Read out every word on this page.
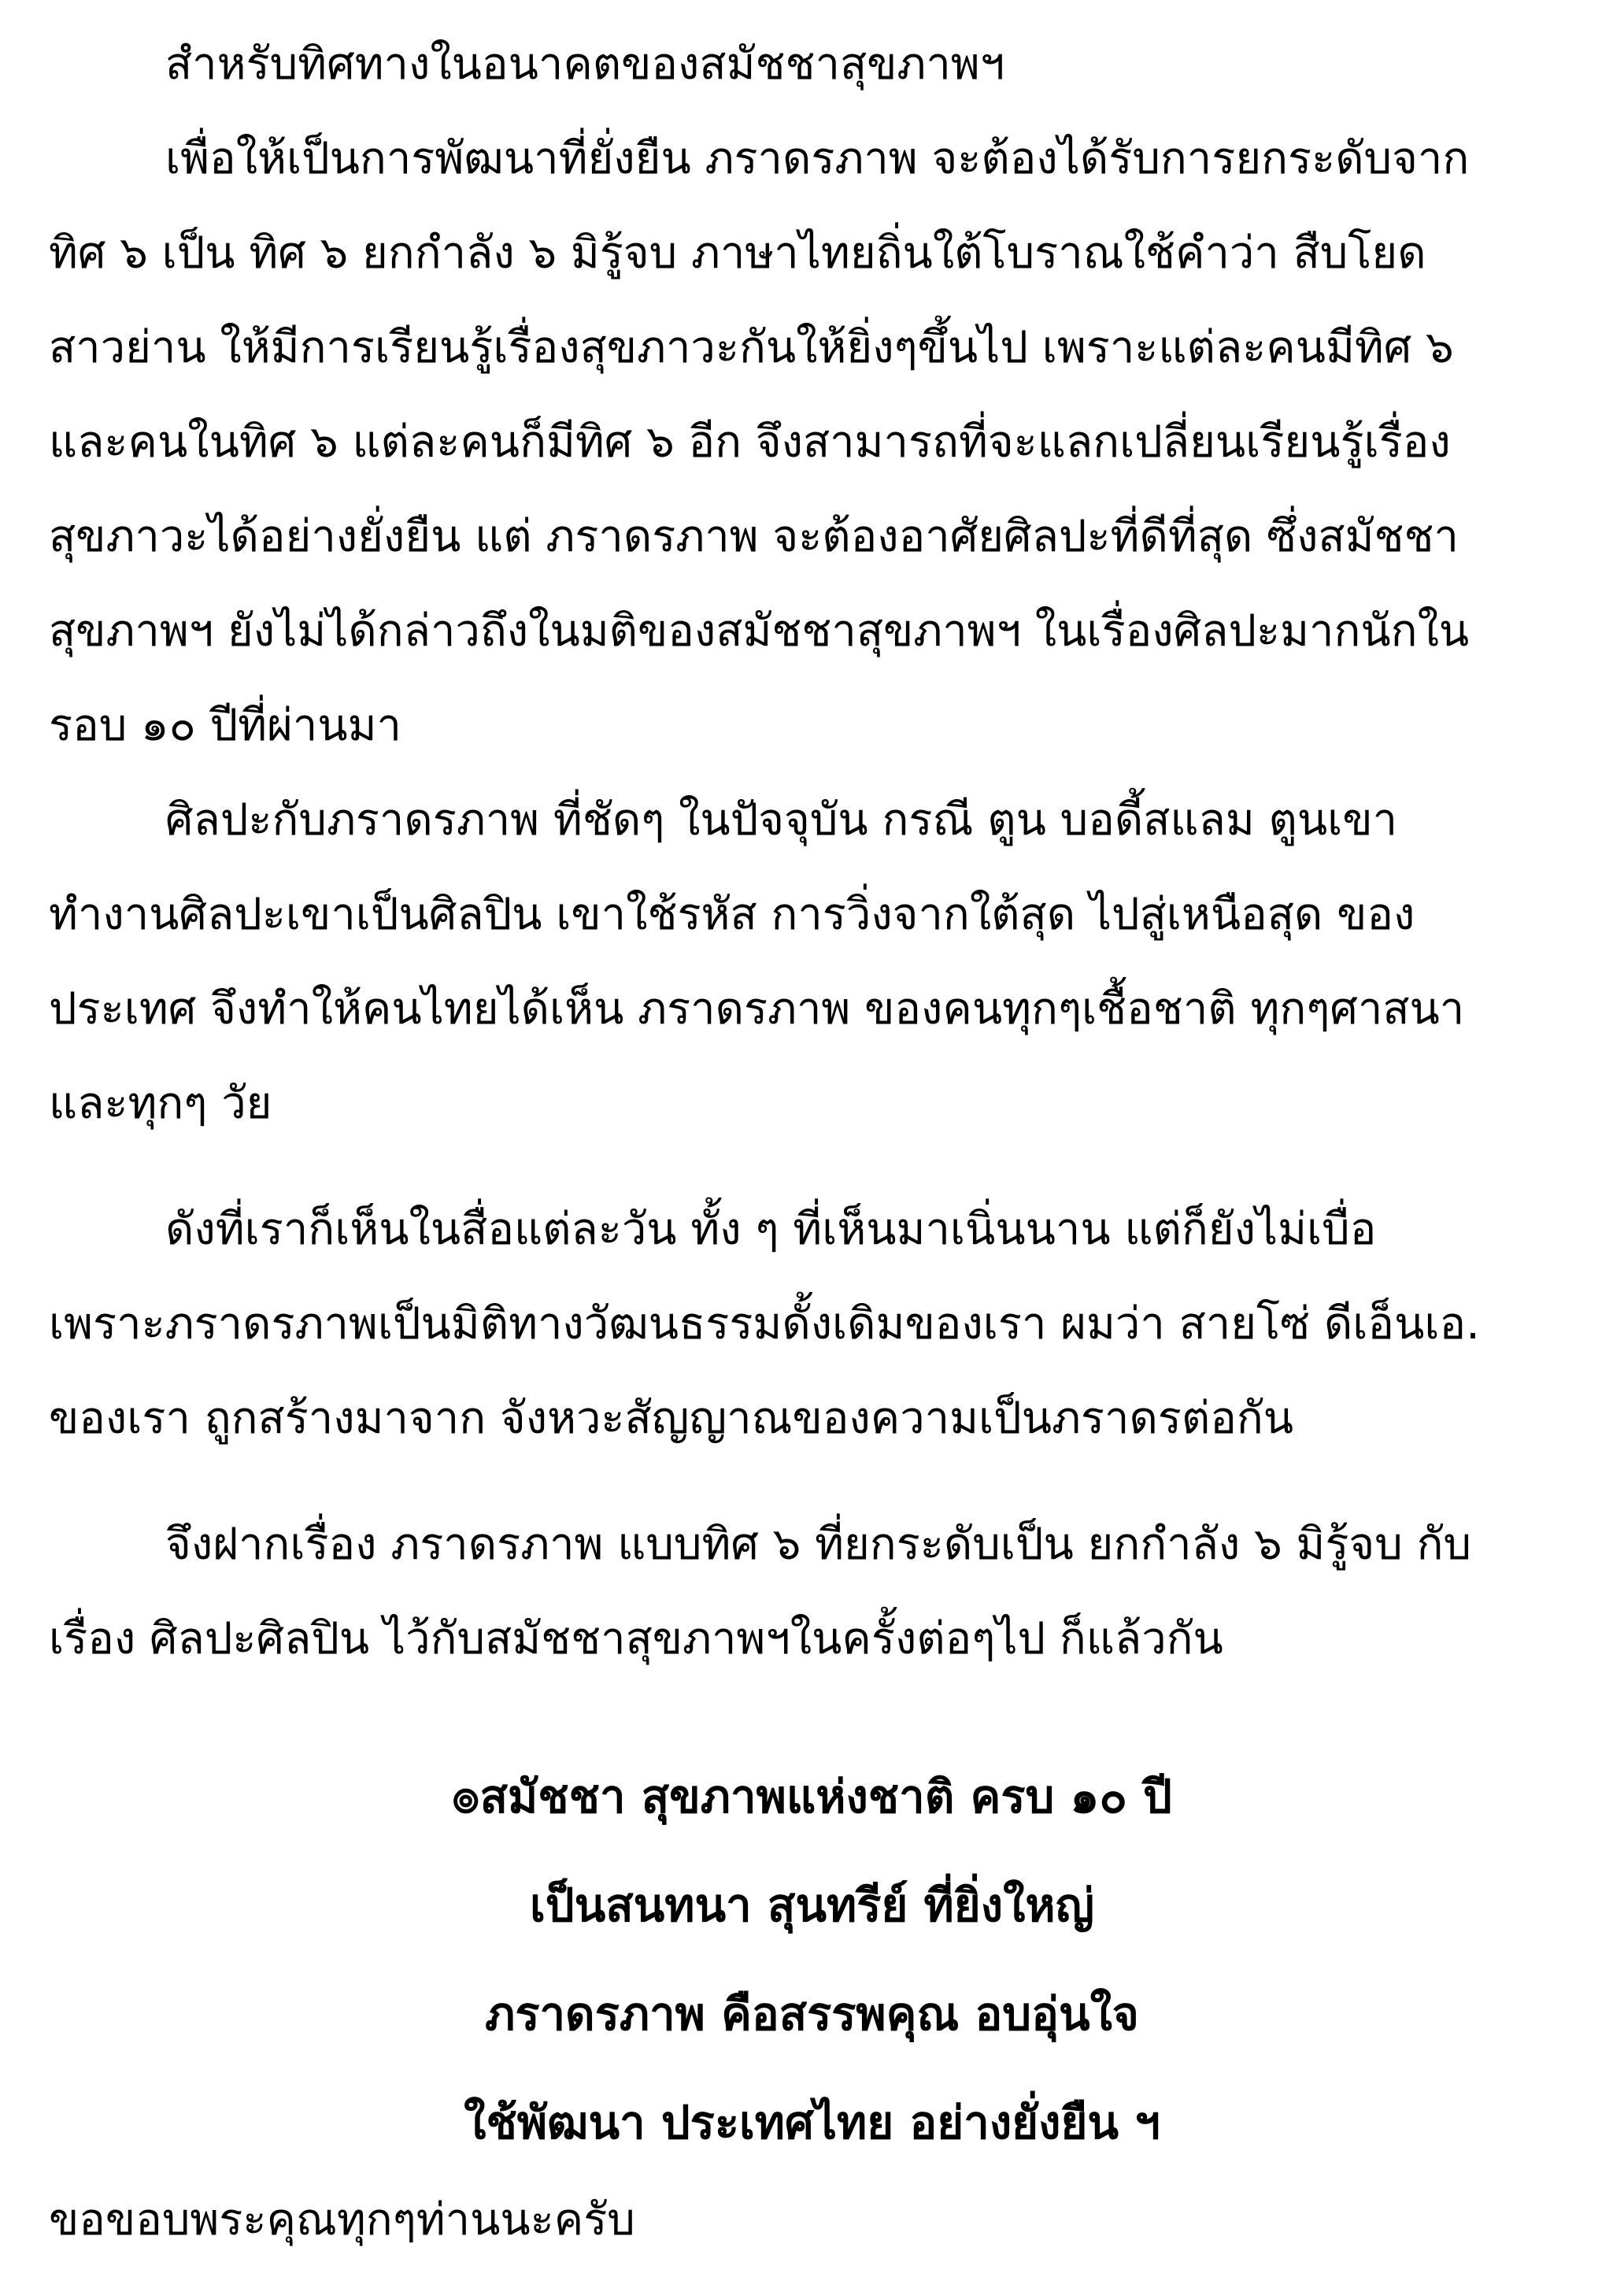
สำหรับทิศทางในอนาคตของสมัชชาสุขภาพฯ
เพื่อให้เป็นการพัฒนาที่ยั่งยืน ภราดรภาพ จะต้องได้รับการยกระดับจาก
ทิศ ๖ เป็น ทิศ ๖ ยกกำลัง ๖ มิรู้จบ ภาษาไทยถิ่นใต้โบราณใช้คำว่า สืบโยด
สาวย่าน ให้มีการเรียนรู้เรื่องสุขภาวะกันให้ยิ่งๆขึ้นไป เพราะแต่ละคนมีทิศ ๖
และคนในทิศ ๖ แต่ละคนก็มีทิศ ๖ อีก จึงสามารถที่จะแลกเปลี่ยนเรียนรู้เรื่อง
สุขภาวะได้อย่างยั่งยืน แต่ ภราดรภาพ จะต้องอาศัยศิลปะที่ดีที่สุด ซึ่งสมัชชา
สุขภาพฯ ยังไม่ได้กล่าวถึงในมติของสมัชชาสุขภาพฯ ในเรื่องศิลปะมากนักใน
รอบ ๑๐ ปีที่ผ่านมา
ศิลปะกับภราดรภาพ ที่ชัดๆ ในปัจจุบัน กรณี ตูน บอดี้สแลม ตูนเขา
ทำงานศิลปะเขาเป็นศิลปิน เขาใช้รหัส การวิ่งจากใต้สุด ไปสู่เหนือสุด ของ
ประเทศ จึงทำให้คนไทยได้เห็น ภราดรภาพ ของคนทุกๆเชื้อชาติ ทุกๆศาสนา
และทุกๆ วัย
ดังที่เราก็เห็นในสื่อแต่ละวัน ทั้ง ๆ ที่เห็นมาเนิ่นนาน แต่ก็ยังไม่เบื่อ
เพราะภราดรภาพเป็นมิติทางวัฒนธรรมดั้งเดิมของเรา ผมว่า สายโซ่ ดีเอ็นเอ.
ของเรา ถูกสร้างมาจาก จังหวะสัญญาณของความเป็นภราดรต่อกัน
จึงฝากเรื่อง ภราดรภาพ แบบทิศ ๖ ที่ยกระดับเป็น ยกกำลัง ๖ มิรู้จบ กับ
เรื่อง ศิลปะศิลปิน ไว้กับสมัชชาสุขภาพฯในครั้งต่อๆไป ก็แล้วกัน
๏สมัชชา สุขภาพแห่งชาติ ครบ ๑๐ ปี
เป็นสนทนา สุนทรีย์ ที่ยิ่งใหญ่
ภราดรภาพ คือสรรพคุณ อบอุ่นใจ
ใช้พัฒนา ประเทศไทย อย่างยั่งยืน ฯ
ขอขอบพระคุณทุกๆท่านนะครับ
